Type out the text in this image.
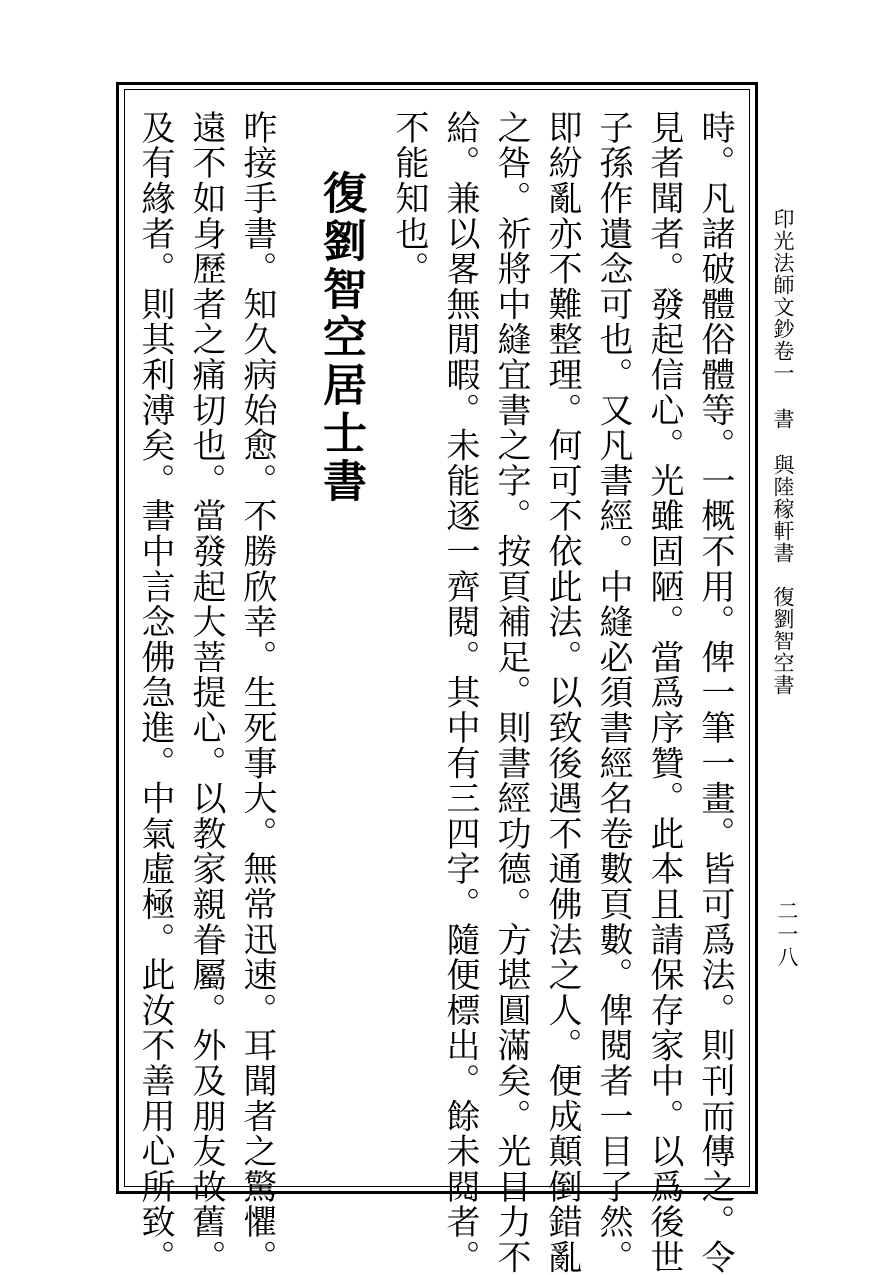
印光法師文鈔卷一書與陸稼軒書　復劉智空書
二一八
時。凡諸破體俗體等。一概不用。俾一筆一畫。皆可爲法。則刊而傳之。令
見者聞者。發起信心。光雖固陋。當爲序贊。此本且請保存家中。以爲後世
子孫作遺念可也。又凡書經。中縫必須書經名卷數頁數。俾閱者一目了然。
即紛亂亦不難整理。何可不依此法。以致後遇不通佛法之人。便成顛倒錯亂
之咎。祈將中縫宜書之字。按頁補足。則書經功德。方堪圓滿矣。光目力不
給。兼以畧無閒暇。未能逐一齊閱。其中有三四字。隨便標出。餘未閱者。
不能知也。
復劉智空居士書
昨接手書。知久病始愈。不勝欣幸。生死事大。無常迅速。耳聞者之驚懼。
遠不如身歷者之痛切也。當發起大菩提心。以教家親眷屬。外及朋友故舊。
及有緣者。則其利溥矣。書中言念佛急進。中氣虛極。此汝不善用心所致。
